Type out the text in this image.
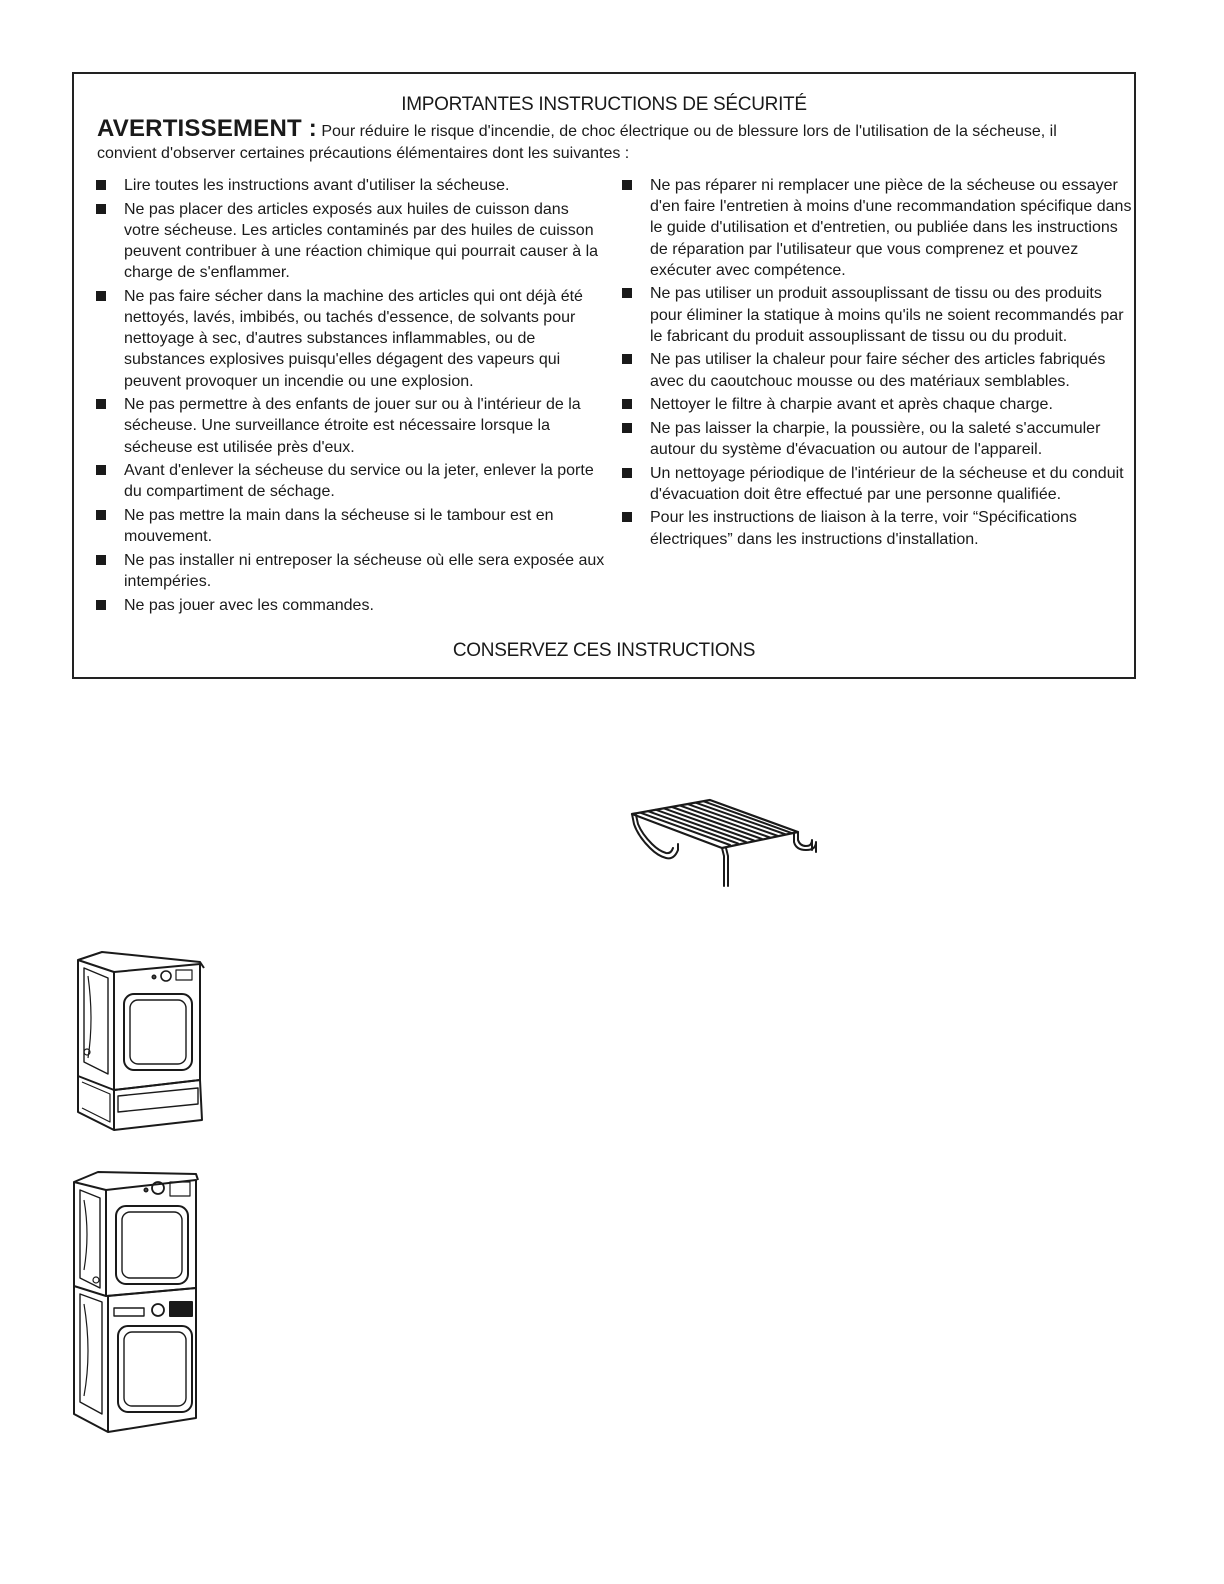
IMPORTANTES INSTRUCTIONS DE SÉCURITÉ
AVERTISSEMENT : Pour réduire le risque d'incendie, de choc électrique ou de blessure lors de l'utilisation de la sécheuse, il convient d'observer certaines précautions élémentaires dont les suivantes :
Lire toutes les instructions avant d'utiliser la sécheuse.
Ne pas placer des articles exposés aux huiles de cuisson dans votre sécheuse. Les articles contaminés par des huiles de cuisson peuvent contribuer à une réaction chimique qui pourrait causer à la charge de s'enflammer.
Ne pas faire sécher dans la machine des articles qui ont déjà été nettoyés, lavés, imbibés, ou tachés d'essence, de solvants pour nettoyage à sec, d'autres substances inflammables, ou de substances explosives puisqu'elles dégagent des vapeurs qui peuvent provoquer un incendie ou une explosion.
Ne pas permettre à des enfants de jouer sur ou à l'intérieur de la sécheuse. Une surveillance étroite est nécessaire lorsque la sécheuse est utilisée près d'eux.
Avant d'enlever la sécheuse du service ou la jeter, enlever la porte du compartiment de séchage.
Ne pas mettre la main dans la sécheuse si le tambour est en mouvement.
Ne pas installer ni entreposer la sécheuse où elle sera exposée aux intempéries.
Ne pas jouer avec les commandes.
Ne pas réparer ni remplacer une pièce de la sécheuse ou essayer d'en faire l'entretien à moins d'une recommandation spécifique dans le guide d'utilisation et d'entretien, ou publiée dans les instructions de réparation par l'utilisateur que vous comprenez et pouvez exécuter avec compétence.
Ne pas utiliser un produit assouplissant de tissu ou des produits pour éliminer la statique à moins qu'ils ne soient recommandés par le fabricant du produit assouplissant de tissu ou du produit.
Ne pas utiliser la chaleur pour faire sécher des articles fabriqués avec du caoutchouc mousse ou des matériaux semblables.
Nettoyer le filtre à charpie avant et après chaque charge.
Ne pas laisser la charpie, la poussière, ou la saleté s'accumuler autour du système d'évacuation ou autour de l'appareil.
Un nettoyage périodique de l'intérieur de la sécheuse et du conduit d'évacuation doit être effectué par une personne qualifiée.
Pour les instructions de liaison à la terre, voir “Spécifications électriques” dans les instructions d'installation.
CONSERVEZ CES INSTRUCTIONS
